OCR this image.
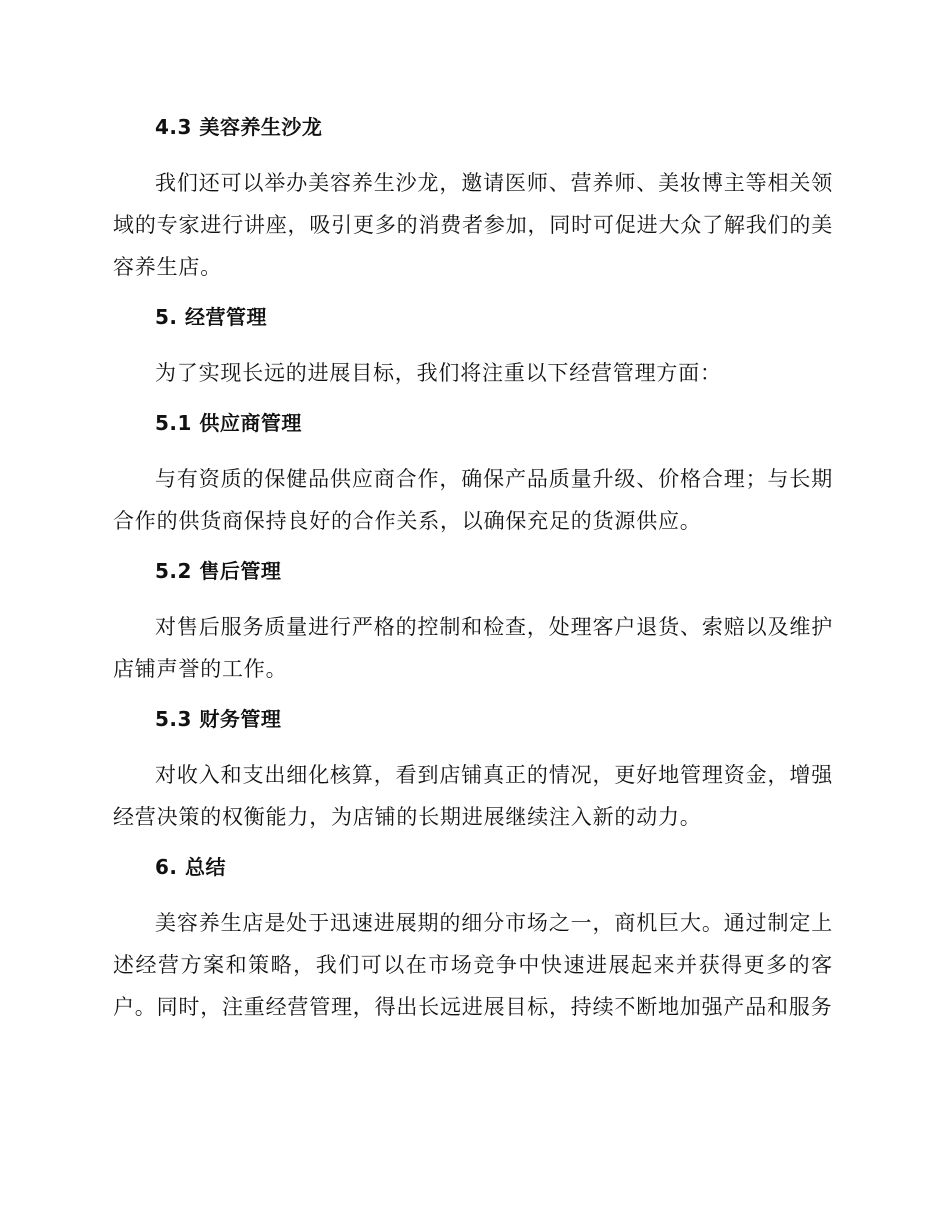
4.3 美容养生沙龙

我们还可以举办美容养生沙龙，邀请医师、营养师、美妆博主等相关领域的专家进行讲座，吸引更多的消费者参加，同时可促进大众了解我们的美容养生店。

5. 经营管理

为了实现长远的进展目标，我们将注重以下经营管理方面：

5.1 供应商管理

与有资质的保健品供应商合作，确保产品质量升级、价格合理；与长期合作的供货商保持良好的合作关系，以确保充足的货源供应。

5.2 售后管理

对售后服务质量进行严格的控制和检查，处理客户退货、索赔以及维护店铺声誉的工作。

5.3 财务管理

对收入和支出细化核算，看到店铺真正的情况，更好地管理资金，增强经营决策的权衡能力，为店铺的长期进展继续注入新的动力。

6. 总结

美容养生店是处于迅速进展期的细分市场之一，商机巨大。通过制定上述经营方案和策略，我们可以在市场竞争中快速进展起来并获得更多的客户。同时，注重经营管理，得出长远进展目标，持续不断地加强产品和服务
